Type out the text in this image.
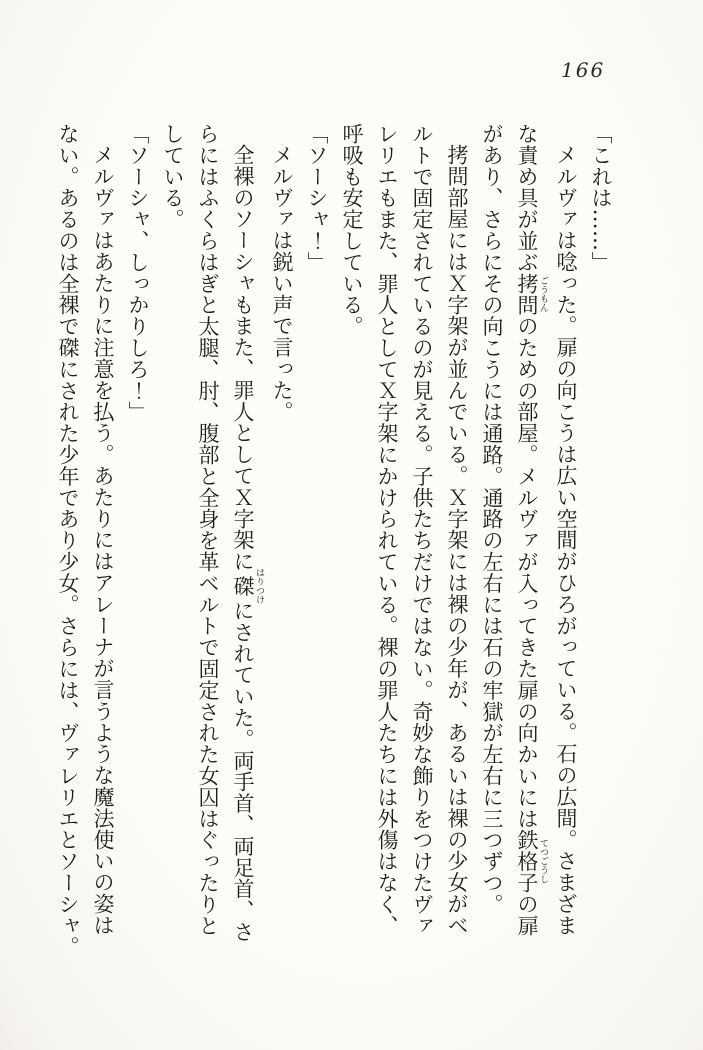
166
「これは……」
メルヴァは唸った。扉の向こうは広い空間がひろがっている。石の広間。さまざま
な責め具が並ぶ拷問 ごうもんのための部屋。メルヴァが入ってきた扉の向かいには鉄格子 てつごうしの扉
があり、さらにその向こうには通路。通路の左右には石の牢獄が左右に三つずつ。
拷問部屋にはＸ字架が並んでいる。Ｘ字架には裸の少年が、あるいは裸の少女がベ
ルトで固定されているのが見える。子供たちだけではない。奇妙な飾りをつけたヴァ
レリエもまた、罪人としてＸ字架にかけられている。裸の罪人たちには外傷はなく、
呼吸も安定している。
「ソーシャ！」
メルヴァは鋭い声で言った。
全裸のソーシャもまた、罪人としてＸ字架に磔 はりつけにされていた。両手首、両足首、さ
らにはふくらはぎと太腿、肘、腹部と全身を革ベルトで固定された女囚はぐったりと
している。
「ソーシャ、しっかりしろ！」
メルヴァはあたりに注意を払う。あたりにはアレーナが言うような魔法使いの姿は
ない。あるのは全裸で磔にされた少年であり少女。さらには、ヴァレリエとソーシャ。
